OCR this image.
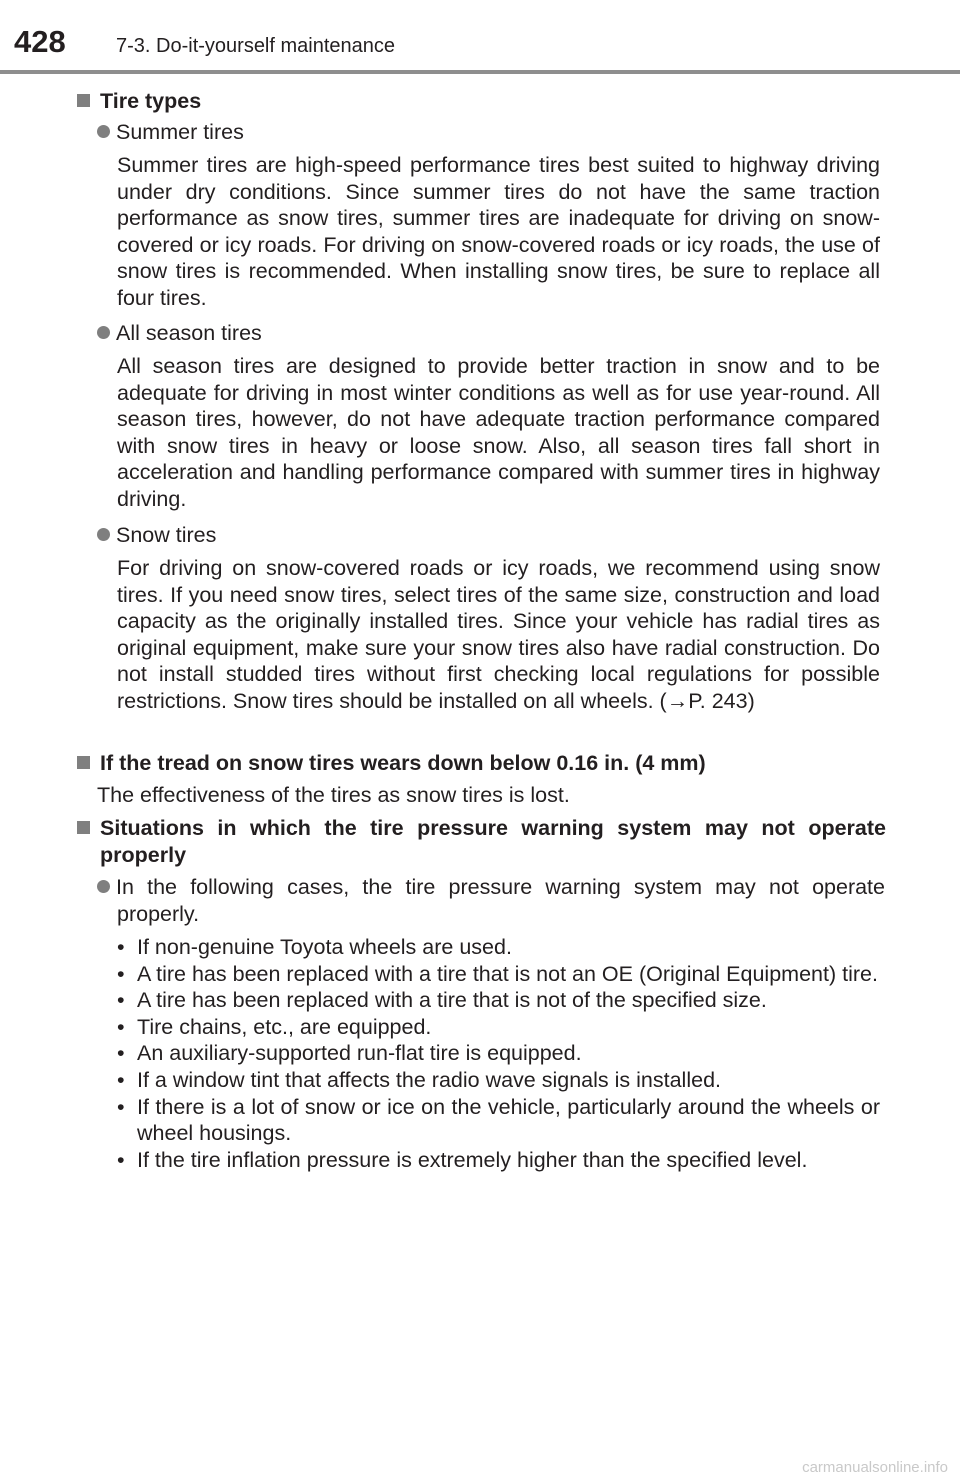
428	7-3. Do-it-yourself maintenance
Tire types
Summer tires
Summer tires are high-speed performance tires best suited to highway driving under dry conditions. Since summer tires do not have the same traction performance as snow tires, summer tires are inadequate for driving on snow-covered or icy roads. For driving on snow-covered roads or icy roads, the use of snow tires is recommended. When installing snow tires, be sure to replace all four tires.
All season tires
All season tires are designed to provide better traction in snow and to be adequate for driving in most winter conditions as well as for use year-round. All season tires, however, do not have adequate traction performance compared with snow tires in heavy or loose snow. Also, all season tires fall short in acceleration and handling performance compared with summer tires in highway driving.
Snow tires
For driving on snow-covered roads or icy roads, we recommend using snow tires. If you need snow tires, select tires of the same size, construction and load capacity as the originally installed tires. Since your vehicle has radial tires as original equipment, make sure your snow tires also have radial construction. Do not install studded tires without first checking local regulations for possible restrictions. Snow tires should be installed on all wheels. (→P. 243)
If the tread on snow tires wears down below 0.16 in. (4 mm)
The effectiveness of the tires as snow tires is lost.
Situations in which the tire pressure warning system may not operate properly
In the following cases, the tire pressure warning system may not operate properly.
• If non-genuine Toyota wheels are used.
• A tire has been replaced with a tire that is not an OE (Original Equipment) tire.
• A tire has been replaced with a tire that is not of the specified size.
• Tire chains, etc., are equipped.
• An auxiliary-supported run-flat tire is equipped.
• If a window tint that affects the radio wave signals is installed.
• If there is a lot of snow or ice on the vehicle, particularly around the wheels or wheel housings.
• If the tire inflation pressure is extremely higher than the specified level.
carmanualsonline.info
